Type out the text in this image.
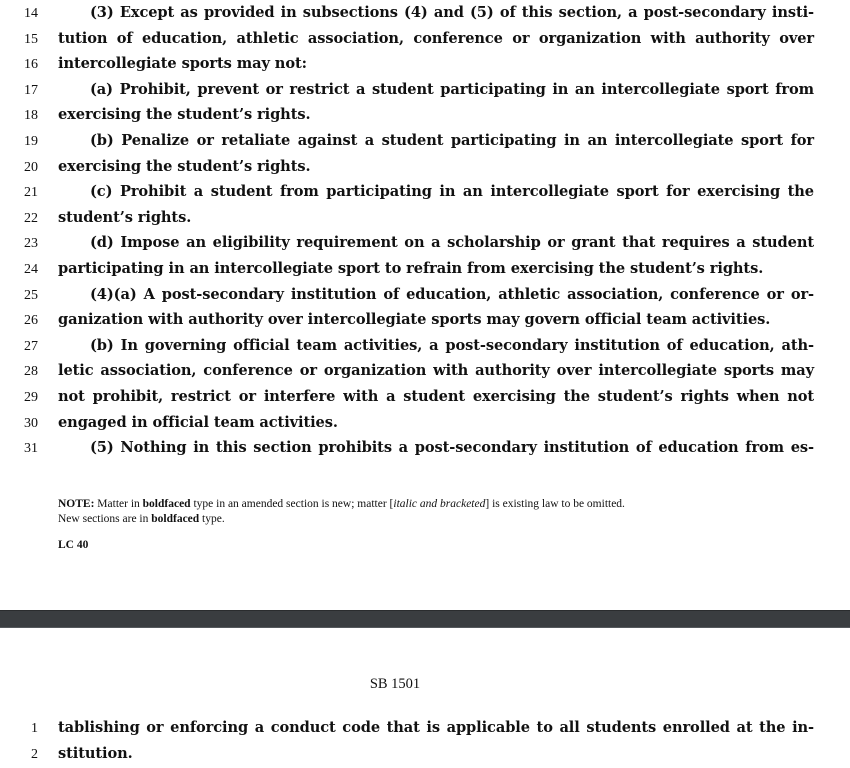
14	(3) Except as provided in subsections (4) and (5) of this section, a post-secondary insti-
15 tution of education, athletic association, conference or organization with authority over
16 intercollegiate sports may not:
17	(a) Prohibit, prevent or restrict a student participating in an intercollegiate sport from
18 exercising the student’s rights.
19	(b) Penalize or retaliate against a student participating in an intercollegiate sport for
20 exercising the student’s rights.
21	(c) Prohibit a student from participating in an intercollegiate sport for exercising the
22 student’s rights.
23	(d) Impose an eligibility requirement on a scholarship or grant that requires a student
24 participating in an intercollegiate sport to refrain from exercising the student’s rights.
25	(4)(a) A post-secondary institution of education, athletic association, conference or or-
26 ganization with authority over intercollegiate sports may govern official team activities.
27	(b) In governing official team activities, a post-secondary institution of education, ath-
28 letic association, conference or organization with authority over intercollegiate sports may
29 not prohibit, restrict or interfere with a student exercising the student’s rights when not
30 engaged in official team activities.
31	(5) Nothing in this section prohibits a post-secondary institution of education from es-
NOTE: Matter in boldfaced type in an amended section is new; matter [italic and bracketed] is existing law to be omitted.
New sections are in boldfaced type.
LC 40
SB 1501
1 tablishing or enforcing a conduct code that is applicable to all students enrolled at the in-
2 stitution.
